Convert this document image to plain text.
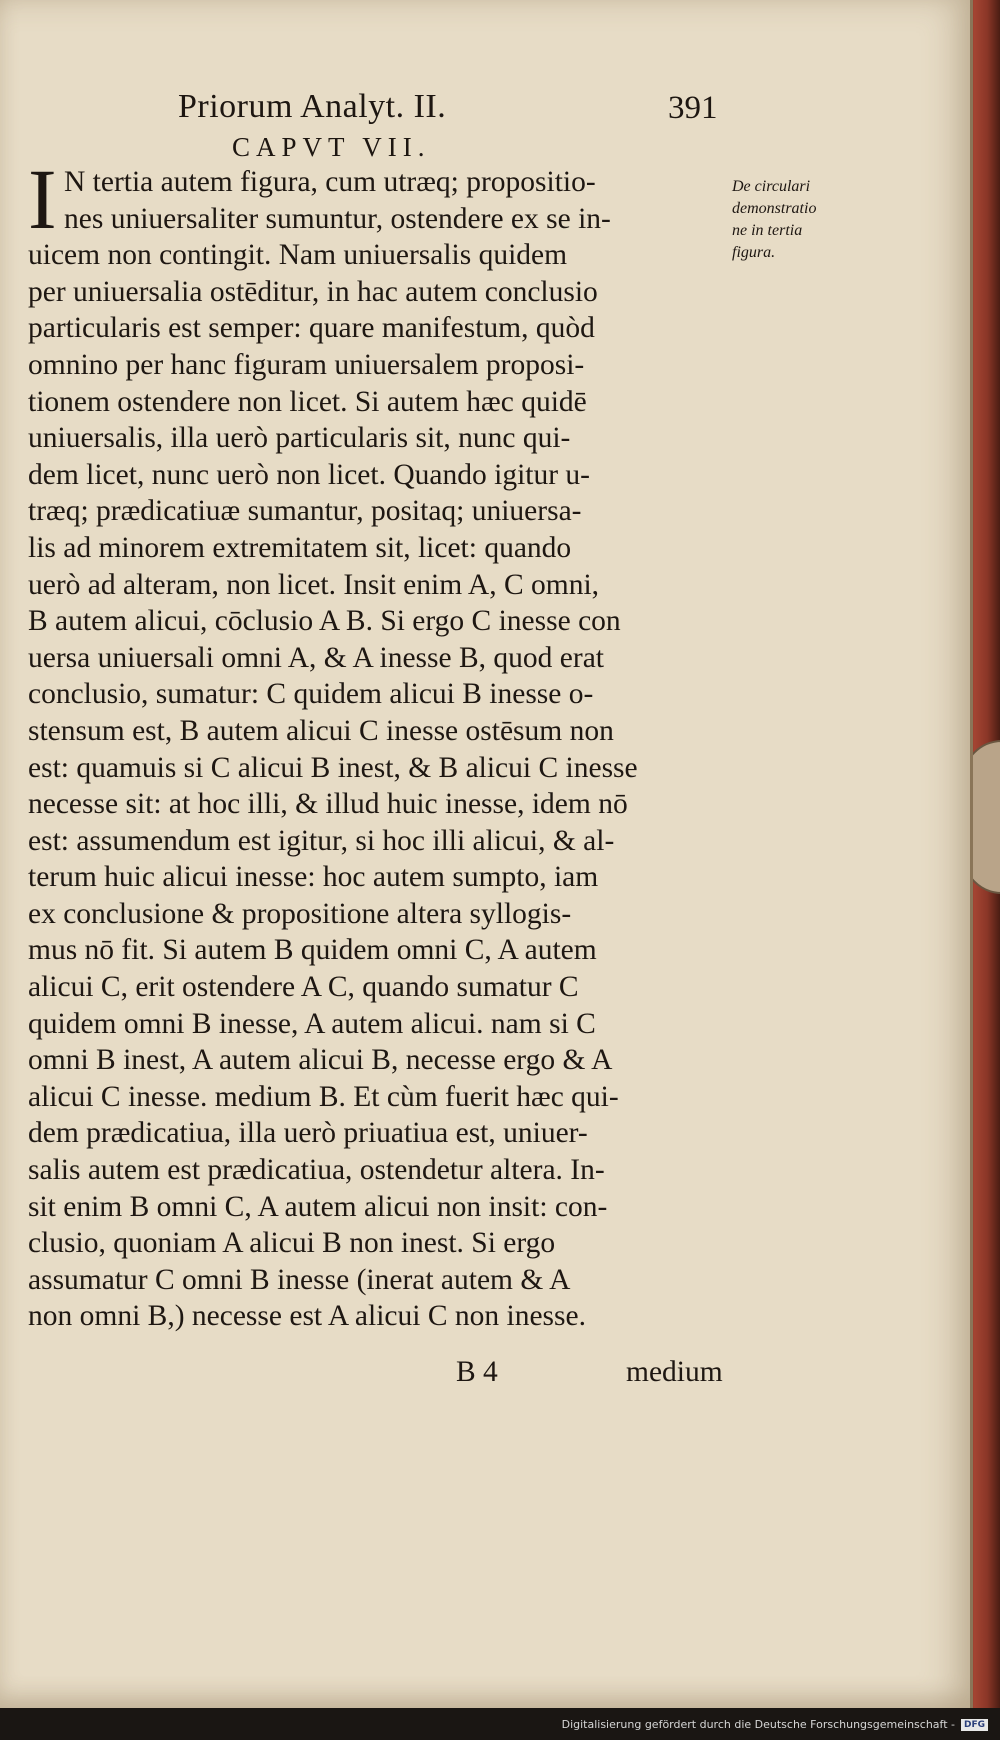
Priorum Analyt. II.	391
CAPVT VII.
I N tertia autem figura, cum utræq; propositio-
nes uniuersaliter sumuntur, ostendere ex se in-
uicem non contingit. Nam uniuersalis quidem
per uniuersalia ostēditur, in hac autem conclusio
particularis est semper: quare manifestum, quòd
omnino per hanc figuram uniuersalem proposi-
tionem ostendere non licet. Si autem hæc quidē
uniuersalis, illa uerò particularis sit, nunc qui-
dem licet, nunc uerò non licet. Quando igitur u-
træq; prædicatiuæ sumantur, positaq; uniuersa-
lis ad minorem extremitatem sit, licet: quando
uerò ad alteram, non licet. Insit enim A, C omni,
B autem alicui, cōclusio A B. Si ergo C inesse con
uersa uniuersali omni A, & A inesse B, quod erat
conclusio, sumatur: C quidem alicui B inesse o-
stensum est, B autem alicui C inesse ostēsum non
est: quamuis si C alicui B inest, & B alicui C inesse
necesse sit: at hoc illi, & illud huic inesse, idem nō
est: assumendum est igitur, si hoc illi alicui, & al-
terum huic alicui inesse: hoc autem sumpto, iam
ex conclusione & propositione altera syllogis-
mus nō fit. Si autem B quidem omni C, A autem
alicui C, erit ostendere A C, quando sumatur C
quidem omni B inesse, A autem alicui. nam si C
omni B inest, A autem alicui B, necesse ergo & A
alicui C inesse. medium B. Et cùm fuerit hæc qui-
dem prædicatiua, illa uerò priuatiua est, uniuer-
salis autem est prædicatiua, ostendetur altera. In-
sit enim B omni C, A autem alicui non insit: con-
clusio, quoniam A alicui B non inest. Si ergo
assumatur C omni B inesse (inerat autem & A
non omni B,) necesse est A alicui C non inesse.
De circulari
demonstratio
ne in tertia
figura.
B 4	medium
Digitalisierung gefördert durch die Deutsche Forschungsgemeinschaft -	DFG
